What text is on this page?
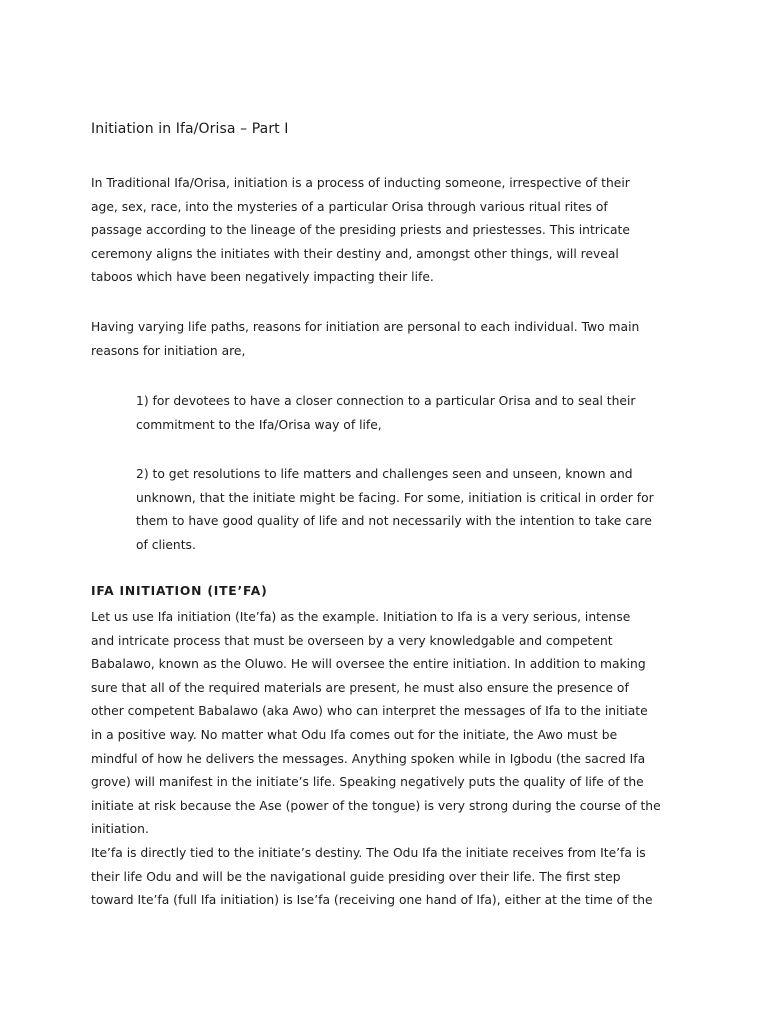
Initiation in Ifa/Orisa – Part I

In Traditional Ifa/Orisa, initiation is a process of inducting someone, irrespective of their
age, sex, race, into the mysteries of a particular Orisa through various ritual rites of
passage according to the lineage of the presiding priests and priestesses. This intricate
ceremony aligns the initiates with their destiny and, amongst other things, will reveal
taboos which have been negatively impacting their life.

Having varying life paths, reasons for initiation are personal to each individual. Two main
reasons for initiation are,

1) for devotees to have a closer connection to a particular Orisa and to seal their
commitment to the Ifa/Orisa way of life,

2) to get resolutions to life matters and challenges seen and unseen, known and
unknown, that the initiate might be facing. For some, initiation is critical in order for
them to have good quality of life and not necessarily with the intention to take care
of clients.

IFA INITIATION (ITE’FA)

Let us use Ifa initiation (Ite’fa) as the example. Initiation to Ifa is a very serious, intense
and intricate process that must be overseen by a very knowledgable and competent
Babalawo, known as the Oluwo. He will oversee the entire initiation. In addition to making
sure that all of the required materials are present, he must also ensure the presence of
other competent Babalawo (aka Awo) who can interpret the messages of Ifa to the initiate
in a positive way. No matter what Odu Ifa comes out for the initiate, the Awo must be
mindful of how he delivers the messages. Anything spoken while in Igbodu (the sacred Ifa
grove) will manifest in the initiate’s life. Speaking negatively puts the quality of life of the
initiate at risk because the Ase (power of the tongue) is very strong during the course of the
initiation.
Ite’fa is directly tied to the initiate’s destiny. The Odu Ifa the initiate receives from Ite’fa is
their life Odu and will be the navigational guide presiding over their life. The first step
toward Ite’fa (full Ifa initiation) is Ise’fa (receiving one hand of Ifa), either at the time of the
